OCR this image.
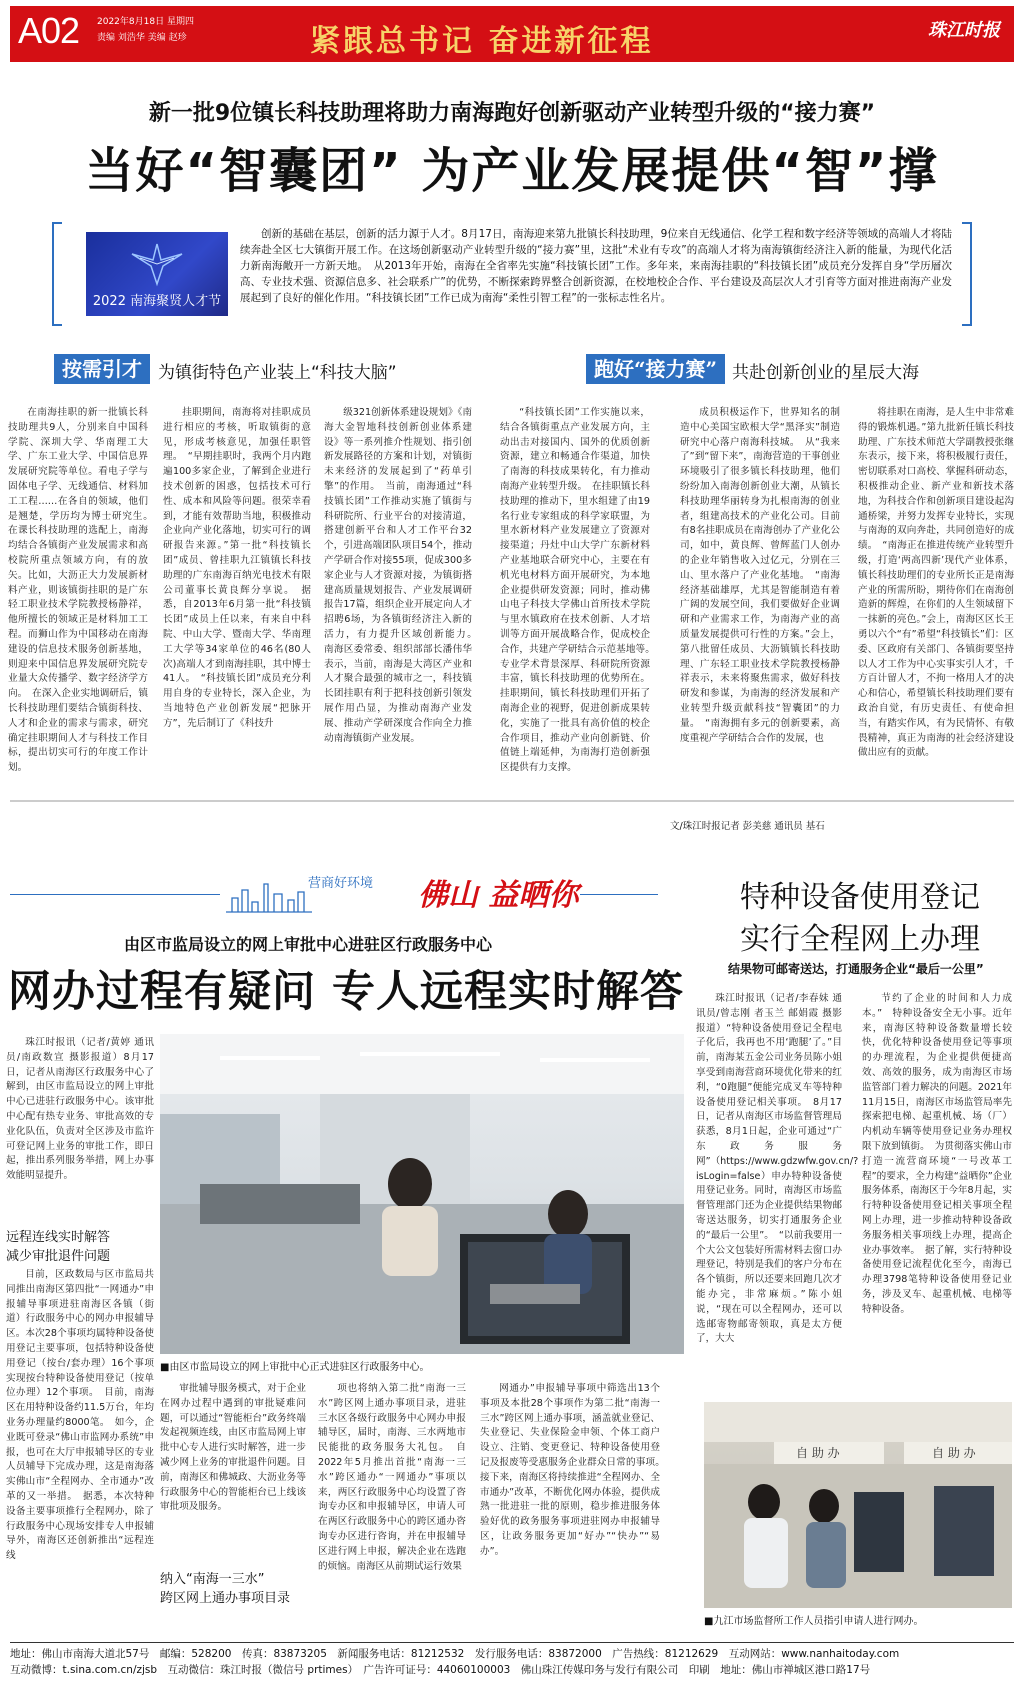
A02 2022年8月18日 星期四
责编 刘浩华 美编 赵珍	紧跟总书记 奋进新征程	珠江时报
新一批9位镇长科技助理将助力南海跑好创新驱动产业转型升级的“接力赛”
当好“智囊团” 为产业发展提供“智”撑
2022 南海聚贤人才节
创新的基础在基层，创新的活力源于人才。8月17日，南海迎来第九批镇长科技助理，9位来自无线通信、化学工程和数字经济等领域的高端人才将陆续奔赴全区七大镇街开展工作。在这场创新驱动产业转型升级的“接力赛”里，这批“术业有专攻”的高端人才将为南海镇街经济注入新的能量，为现代化活力新南海敞开一方新天地。　从2013年开始，南海在全省率先实施“科技镇长团”工作。多年来，来南海挂职的“科技镇长团”成员充分发挥自身“学历層次高、专业技术强、资源信息多、社会联系广”的优势，不断探索跨界整合创新资源，在校地校企合作、平台建设及高层次人才引育等方面对推进南海产业发展起到了良好的催化作用。“科技镇长团”工作已成为南海“柔性引智工程”的一张标志性名片。
按需引才 为镇街特色产业装上“科技大脑”	跑好“接力赛” 共赴创新创业的星辰大海

在南海挂职的新一批镇长科技助理共9人，分别来自中国科学院、深圳大学、华南理工大学、广东工业大学、中国信息界发展研究院等单位。看电子学与固体电子学、无线通信、材料加工工程……在各自的领域，他们是翘楚，学历均为博士研究生。　在课长科技助理的选配上，南海均结合各镇街产业发展需求和高校院所重点领域方向，有的放矢。比如，大沥正大力发展新材料产业，则该镇街挂职的是广东轻工职业技术学院教授杨静祥，他所擅长的领域正是材料加工工程。而狮山作为中国移动在南海建设的信息技术服务创新基地，则迎来中国信息界发展研究院专业量大众传播学、数字经济学方向。　在深入企业实地调研后，镇长科技助理们要结合镇街科技、人才和企业的需求与需求，研究确定挂职期间人才与科技工作目标，提出切实可行的年度工作计划。

挂职期间，南海将对挂职成员进行相应的考核，听取镇街的意见，形成考核意见，加强任职管理。　“早期挂职时，我两个月内跑遍100多家企业，了解到企业进行技术创新的困惑，包括技术可行性、成本和风险等问题。很荣幸看到，才能有效帮助当地，积极推动企业向产业化落地，切实可行的调研报告来源。”第一批“科技镇长团”成员、曾挂职九江镇镇长科技助理的广东南海百纳光电技术有限公司董事长黄良辉分享说。　据悉，自2013年6月第一批“科技镇长团”成员上任以来，有来自中科院、中山大学、暨南大学、华南理工大学等34家单位的46名(80人次)高端人才到南海挂职，其中博士41人。　“科技镇长团”成员充分利用自身的专业特长，深入企业，为当地特色产业创新发展“把脉开方”，先后制订了《科技升

级321创新体系建设规划》《南海大金智地科技创新创业体系建设》等一系列推介性规划、指引创新发展路径的方案和计划，对镇街未来经济的发展起到了“药单引擎”的作用。　当前，南海通过“科技镇长团”工作推动实施了镇街与科研院所、行业平台的对接清道，搭建创新平台和人才工作平台32个，引进高端团队项目54个，推动产学研合作对接55项，促成300多家企业与人才资源对接，为镇街搭建高质量规划报告、产业发展调研报告17篇，组织企业开展定向人才招聘6场，为各镇街经济注入新的活力，有力提升区域创新能力。　南海区委常委、组织部部长潘伟华表示，当前，南海是大湾区产业和人才聚合最强的城市之一，科技镇长团挂职有利于把科技创新引领发展作用凸显，为推动南海产业发展、推动产学研深度合作向全力推动南海镇街产业发展。

“科技镇长团”工作实施以来，结合各镇街重点产业发展方向，主动出击对接国内、国外的优质创新资源，建立和畅通合作渠道，加快了南海的科技成果转化，有力推动南海产业转型升级。　在挂职镇长科技助理的推动下，里水组建了由19名行业专家组成的科学家联盟，为里水新材料产业发展建立了资源对接渠道；丹灶中山大学广东新材料产业基地联合研究中心，主要在有机光电材料方面开展研究，为本地企业提供研发资源；同时，推动佛山电子科技大学佛山首所技术学院与里水镇政府在技术创新、人才培训等方面开展战略合作，促成校企合作，共建产学研结合示范基地等。　专业学术背景深厚、科研院所资源丰富，镇长科技助理的优势所在。挂职期间，镇长科技助理们开拓了南海企业的视野，促进创新成果转化，实施了一批具有高价值的校企合作项目，推动产业向创新链、价值链上端延伸，为南海打造创新强区提供有力支撑。

成员积极运作下，世界知名的制造中心美国宝欧根大学“黑泽实”制造研究中心落户南海科技城。　从“我来了”到“留下来”，南海营造的干事创业环境吸引了很多镇长科技助理，他们纷纷加入南海创新创业大潮，从镇长科技助理华丽转身为扎根南海的创业者，组建高技术的产业化公司。目前有8名挂职成员在南海创办了产业化公司，如中，黄良辉、曾辉蓝门人创办的企业年销售收入过亿元，分别在三山、里水落户了产业化基地。　“南海经济基础雄厚，尤其是智能制造有着广阔的发展空间，我们要做好企业调研和产业需求工作，为南海产业的高质量发展提供可行性的方案。”会上，第八批留任成员、大沥镇镇长科技助理、广东轻工职业技术学院教授杨静祥表示，未来将聚焦需求，做好科技研发和参谋，为南海的经济发展和产业转型升级贡献科技“智囊团”的力量。　“南海拥有多元的创新要素，高度重视产学研结合合作的发展，也

将挂职在南海，是人生中非常难得的锻炼机遇。”第九批新任镇长科技助理、广东技术师范大学副教授张继东表示，接下来，将积极履行责任，密切联系对口高校、掌握科研动态，积极推动企业、新产业和新技术落地，为科技合作和创新项目建设起沟通桥梁，并努力发挥专业特长，实现与南海的双向奔赴，共同创造好的成绩。　“南海正在推进传统产业转型升级，打造‘两高四新’现代产业体系，镇长科技助理们的专业所长正是南海产业的所需所盼，期待你们在南海创造新的辉煌，在你们的人生领域留下一抹新的亮色。”会上，南海区区长王勇以六个“有”希望“科技镇长”们：区委、区政府有关部门、各镇街要坚持以人才工作为中心实事实引人才，千方百计留人才，不拘一格用人才的决心和信心，希望镇长科技助理们要有政治自觉，有历史责任、有使命担当，有踏实作风，有为民情怀、有敬畏精神，真正为南海的社会经济建设做出应有的贡献。

文/珠江时报记者 彭美慈 通讯员 基石
营商好环境 佛山 益晒你	特种设备使用登记
实行全程网上办理
结果物可邮寄送达，打通服务企业“最后一公里”
由区市监局设立的网上审批中心进驻区行政服务中心
网办过程有疑问 专人远程实时解答

珠江时报讯（记者/黄婷 通讯员/南政数宣 摄影报道）8月17日，记者从南海区行政服务中心了解到，由区市监局设立的网上审批中心已进驻行政服务中心。该审批中心配有热专业务、审批高效的专业化队伍，负责对全区涉及市监许可登记网上业务的审批工作，即日起，推出系列服务举措，网上办事效能明显提升。

远程连线实时解答
减少审批退件问题

目前，区政数局与区市监局共同推出南海区第四批“一网通办”申报辅导事项进驻南海区各镇（街道）行政服务中心的网办申报辅导区。本次28个事项均属特种设备使用登记主要事项，包括特种设备使用登记（按台/套办理）16个事项实现按台特种设备使用登记（按单位办理）12个事项。　目前，南海区在用特种设备约11.5万台，年均业务办理量约8000笔。　如今，企业既可登录“佛山市监网办系统”申报，也可在大厅申报辅导区的专业人员辅导下完成办理，这是南海落实佛山市“全程网办、全市通办”改革的又一举措。　据悉，本次特种设备主要事项推行全程网办，除了行政服务中心现场安排专人申报辅导外，南海区还创新推出“远程连线

■由区市监局设立的网上审批中心正式进驻区行政服务中心。

审批辅导服务模式，对于企业在网办过程中遇到的审批疑难问题，可以通过“智能柜台”政务终端发起视频连线，由区市监局网上审批中心专人进行实时解答，进一步减少网上业务的审批退件问题。目前，南海区和佛城政、大沥业务等行政服务中心的智能柜台已上线该审批项及服务。

纳入“南海一三水”
跨区网上通办事项目录

项也将纳入第二批“南海一三水”跨区网上通办事项目录，进驻三水区各级行政服务中心网办申报辅导区，届时，南海、三水两地市民能批的政务服务大礼包。　自2022年5月推出首批“南海一三水”跨区通办“一网通办”事项以来，两区行政服务中心均设置了咨询专办区和申报辅导区，申请人可在两区行政服务中心的跨区通办咨询专办区进行咨询，并在申报辅导区进行网上申报，解决企业在选跑的烦恼。南海区从前期试运行效果

网通办”申报辅导事项中筛选出13个事项及本批28个事项作为第二批“南海一三水”跨区网上通办事项，涵盖就业登记、失业登记、失业保险金申领、个体工商户设立、注销、变更登记、特种设备使用登记及报废等受惠服务企业群众日常的事项。　接下来，南海区将持续推进“全程网办、全市通办”改革，不断优化网办体验，提供成熟一批进驻一批的原则，稳步推进服务体验好优的政务服务事项进驻网办申报辅导区，让政务服务更加“好办”“快办”“易办”。

珠江时报讯（记者/李春妹 通讯员/曾志刚 者玉兰 邮娟霞 摄影报道）“特种设备使用登记全程电子化后，我再也不用‘跑腿’了。”目前，南海某五金公司业务员陈小姐享受到南海营商环境优化带来的红利，“0跑腿”便能完成叉车等特种设备使用登记相关事项。　8月17日，记者从南海区市场监督管理局获悉，8月1日起，企业可通过“广东政务服务网”（https://www.gdzwfw.gov.cn/?isLogin=false）申办特种设备使用登记业务。同时，南海区市场监督管理部门还为企业提供结果物邮寄送达服务，切实打通服务企业的“最后一公里”。　“以前我要用一个大公文包装好所需材料去窗口办理登记，特别是我们的客户分布在各个镇街，所以还要来回跑几次才能办完，非常麻烦。”陈小姐说，“现在可以全程网办，还可以选邮寄物邮寄领取，真是太方便了，大大

节约了企业的时间和人力成本。”　特种设备安全无小事。近年来，南海区特种设备数量增长较快，优化特种设备使用登记等事项的办理流程，为企业提供便捷高效、高效的服务，成为南海区市场监管部门着力解决的问题。2021年11月15日，南海区市场监管局率先探索把电梯、起重机械、场（厂）内机动车辆等使用登记业务办理权限下放到镇街。　为贯彻落实佛山市打造一流营商环境“一号改革工程”的要求，全力构建“益晒你”企业服务体系，南海区于今年8月起，实行特种设备使用登记相关事项全程网上办理，进一步推动特种设备政务服务相关事项线上办理，提高企业办事效率。　据了解，实行特种设备使用登记流程优化至今，南海已办理3798笔特种设备使用登记业务，涉及叉车、起重机械、电梯等特种设备。

自 助 办	自 助 办
■九江市场监督所工作人员指引申请人进行网办。
地址：佛山市南海大道北57号　邮编：528200　传真：83873205　新闻服务电话：81212532　发行服务电话：83872000　广告热线：81212629　互动网站：www.nanhaitoday.com
互动微博：t.sina.com.cn/zjsb　互动微信：珠江时报（微信号 prtimes）　广告许可证号：44060100003　佛山珠江传媒印务与发行有限公司　印刷　地址：佛山市禅城区港口路17号
